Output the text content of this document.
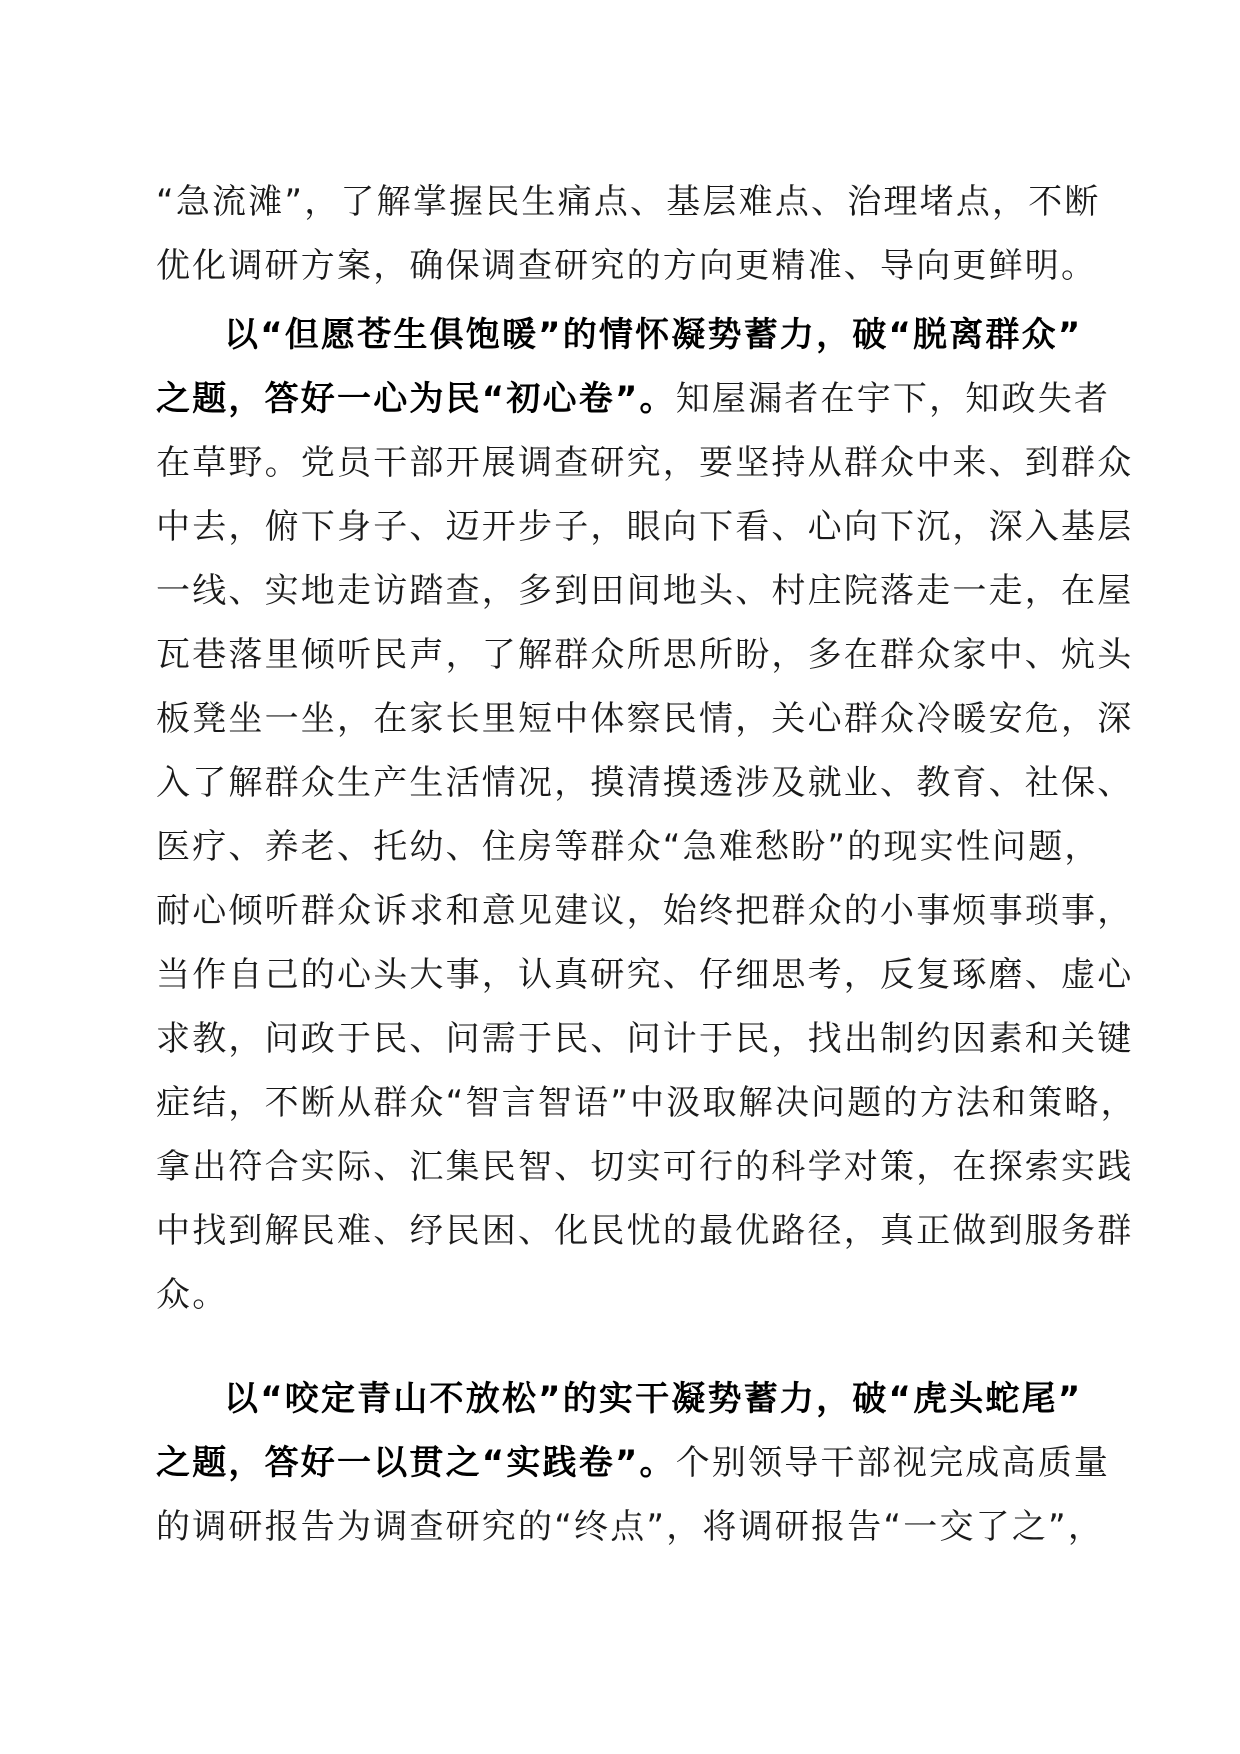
“急流滩”，了解掌握民生痛点、基层难点、治理堵点，不断
优化调研方案，确保调查研究的方向更精准、导向更鲜明。
以“但愿苍生俱饱暖”的情怀凝势蓄力，破“脱离群众”
之题，答好一心为民“初心卷”。知屋漏者在宇下，知政失者
在草野。党员干部开展调查研究，要坚持从群众中来、到群众
中去，俯下身子、迈开步子，眼向下看、心向下沉，深入基层
一线、实地走访踏查，多到田间地头、村庄院落走一走，在屋
瓦巷落里倾听民声，了解群众所思所盼，多在群众家中、炕头
板凳坐一坐，在家长里短中体察民情，关心群众冷暖安危，深
入了解群众生产生活情况，摸清摸透涉及就业、教育、社保、
医疗、养老、托幼、住房等群众“急难愁盼”的现实性问题，
耐心倾听群众诉求和意见建议，始终把群众的小事烦事琐事，
当作自己的心头大事，认真研究、仔细思考，反复琢磨、虚心
求教，问政于民、问需于民、问计于民，找出制约因素和关键
症结，不断从群众“智言智语”中汲取解决问题的方法和策略，
拿出符合实际、汇集民智、切实可行的科学对策，在探索实践
中找到解民难、纾民困、化民忧的最优路径，真正做到服务群
众。
以“咬定青山不放松”的实干凝势蓄力，破“虎头蛇尾”
之题，答好一以贯之“实践卷”。个别领导干部视完成高质量
的调研报告为调查研究的“终点”，将调研报告“一交了之”，
